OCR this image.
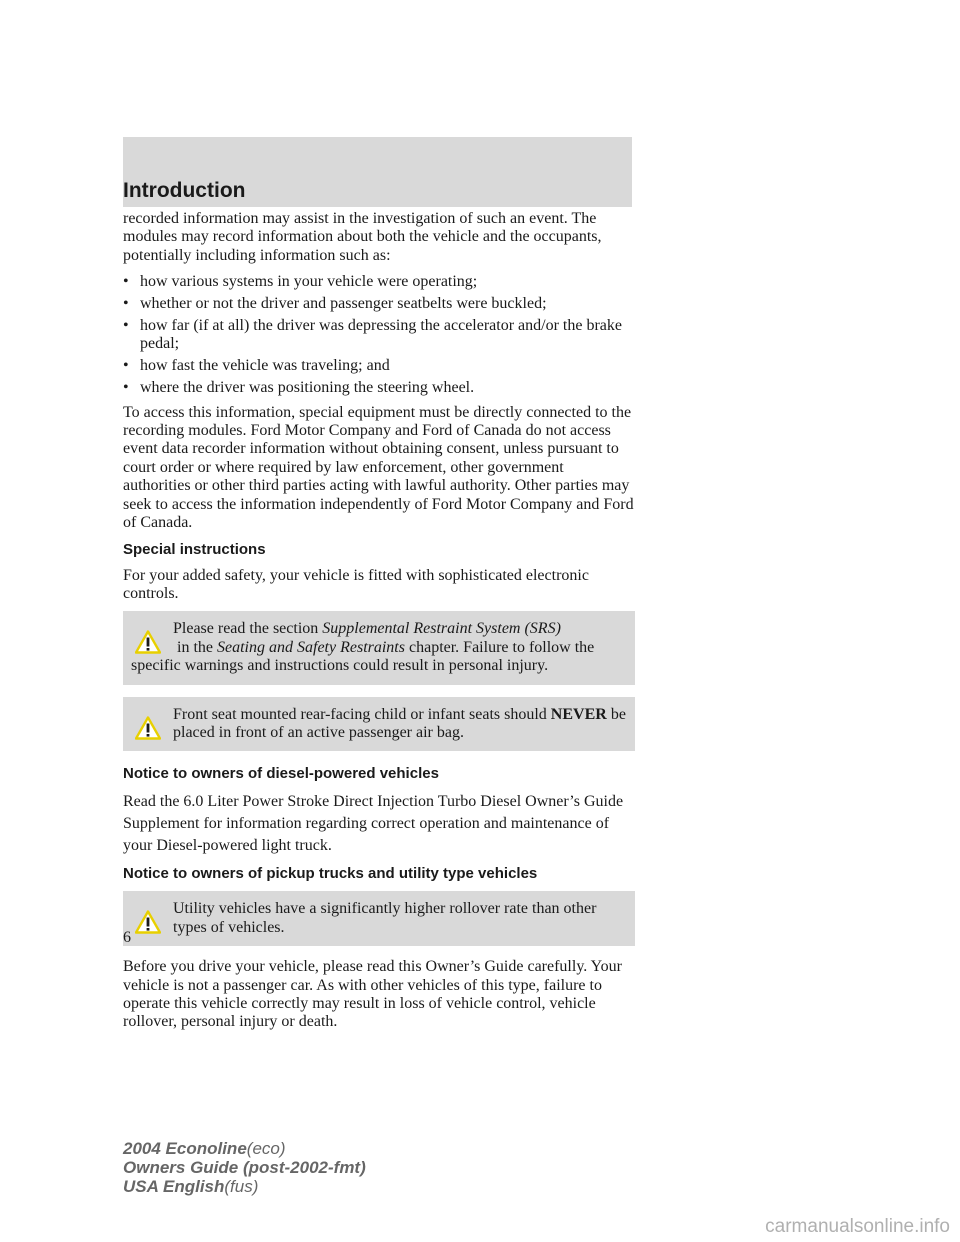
Introduction

recorded information may assist in the investigation of such an event. The modules may record information about both the vehicle and the occupants, potentially including information such as:

• how various systems in your vehicle were operating;
• whether or not the driver and passenger seatbelts were buckled;
• how far (if at all) the driver was depressing the accelerator and/or the brake pedal;
• how fast the vehicle was traveling; and
• where the driver was positioning the steering wheel.

To access this information, special equipment must be directly connected to the recording modules. Ford Motor Company and Ford of Canada do not access event data recorder information without obtaining consent, unless pursuant to court order or where required by law enforcement, other government authorities or other third parties acting with lawful authority. Other parties may seek to access the information independently of Ford Motor Company and Ford of Canada.

Special instructions

For your added safety, your vehicle is fitted with sophisticated electronic controls.

Please read the section Supplemental Restraint System (SRS)
in the Seating and Safety Restraints chapter. Failure to follow the specific warnings and instructions could result in personal injury.
Front seat mounted rear-facing child or infant seats should NEVER be placed in front of an active passenger air bag.
Notice to owners of diesel-powered vehicles

Read the 6.0 Liter Power Stroke Direct Injection Turbo Diesel Owner’s Guide Supplement for information regarding correct operation and maintenance of your Diesel-powered light truck.

Notice to owners of pickup trucks and utility type vehicles
Utility vehicles have a significantly higher rollover rate than other types of vehicles.

Before you drive your vehicle, please read this Owner’s Guide carefully. Your vehicle is not a passenger car. As with other vehicles of this type, failure to operate this vehicle correctly may result in loss of vehicle control, vehicle rollover, personal injury or death.

6
2004 Econoline(eco)
Owners Guide (post-2002-fmt)
USA English(fus)
carmanualsonline.info
